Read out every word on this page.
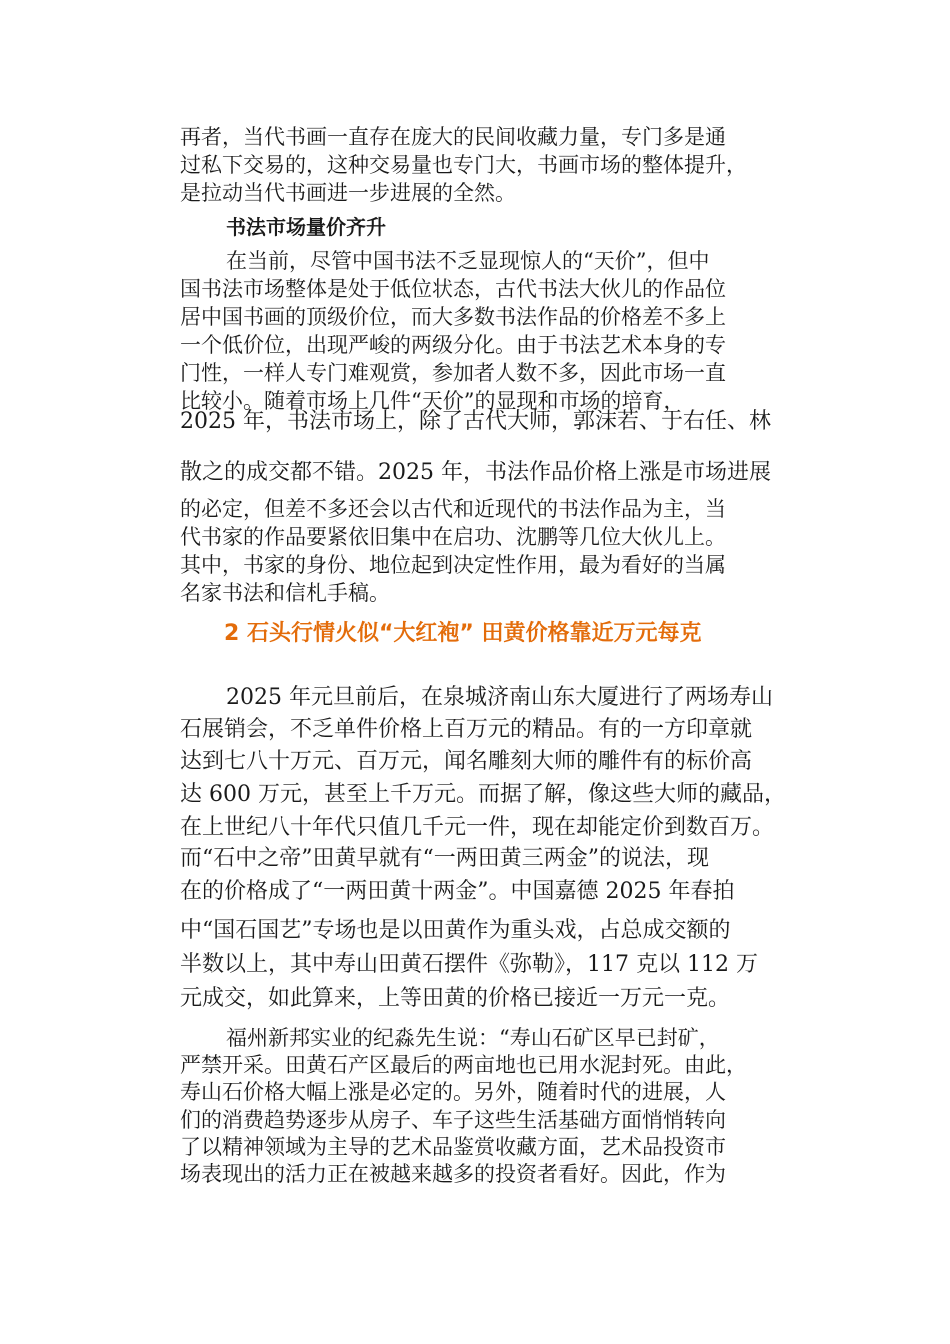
再者，当代书画一直存在庞大的民间收藏力量，专门多是通
过私下交易的，这种交易量也专门大，书画市场的整体提升，
是拉动当代书画进一步进展的全然。
书法市场量价齐升
在当前，尽管中国书法不乏显现惊人的“天价”，但中
国书法市场整体是处于低位状态，古代书法大伙儿的作品位
居中国书画的顶级价位，而大多数书法作品的价格差不多上
一个低价位，出现严峻的两级分化。由于书法艺术本身的专
门性，一样人专门难观赏，参加者人数不多，因此市场一直
比较小。随着市场上几件“天价”的显现和市场的培育，
2025 年，书法市场上，除了古代大师，郭沫若、于右任、林
散之的成交都不错。2025 年，书法作品价格上涨是市场进展
的必定，但差不多还会以古代和近现代的书法作品为主，当
代书家的作品要紧依旧集中在启功、沈鹏等几位大伙儿上。
其中，书家的身份、地位起到决定性作用，最为看好的当属
名家书法和信札手稿。
2 石头行情火似“大红袍” 田黄价格靠近万元每克
2025 年元旦前后，在泉城济南山东大厦进行了两场寿山
石展销会，不乏单件价格上百万元的精品。有的一方印章就
达到七八十万元、百万元，闻名雕刻大师的雕件有的标价高
达 600 万元，甚至上千万元。而据了解，像这些大师的藏品，
在上世纪八十年代只值几千元一件，现在却能定价到数百万。
而“石中之帝”田黄早就有“一两田黄三两金”的说法，现
在的价格成了“一两田黄十两金”。中国嘉德 2025 年春拍
中“国石国艺”专场也是以田黄作为重头戏，占总成交额的
半数以上，其中寿山田黄石摆件《弥勒》，117 克以 112 万
元成交，如此算来，上等田黄的价格已接近一万元一克。
福州新邦实业的纪淼先生说：“寿山石矿区早已封矿，
严禁开采。田黄石产区最后的两亩地也已用水泥封死。由此，
寿山石价格大幅上涨是必定的。另外，随着时代的进展，人
们的消费趋势逐步从房子、车子这些生活基础方面悄悄转向
了以精神领域为主导的艺术品鉴赏收藏方面，艺术品投资市
场表现出的活力正在被越来越多的投资者看好。因此，作为
